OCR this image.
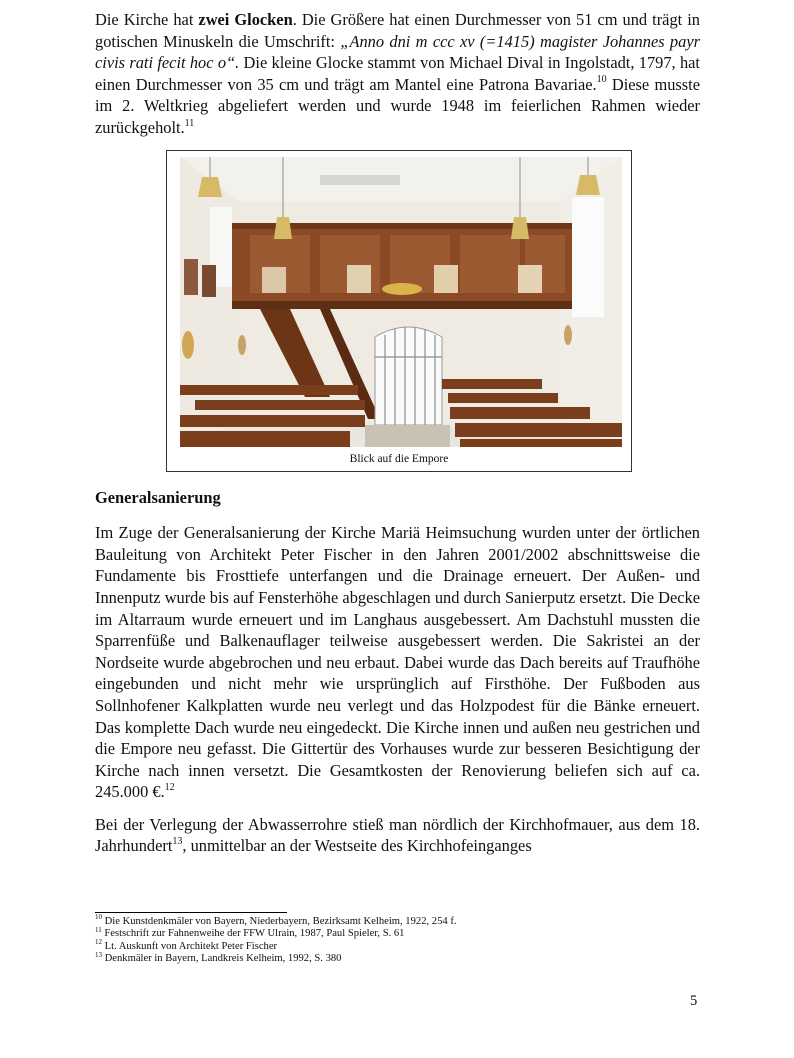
Die Kirche hat zwei Glocken. Die Größere hat einen Durchmesser von 51 cm und trägt in gotischen Minuskeln die Umschrift: „Anno dni m ccc xv (=1415) magister Johannes payr civis rati fecit hoc o“. Die kleine Glocke stammt von Michael Dival in Ingolstadt, 1797, hat einen Durchmesser von 35 cm und trägt am Mantel eine Patrona Bavariae.$^{10}$ Diese musste im 2. Weltkrieg abgeliefert werden und wurde 1948 im feierlichen Rahmen wieder zurückgeholt.$^{11}$

Blick auf die Empore
Generalsanierung

Im Zuge der Generalsanierung der Kirche Mariä Heimsuchung wurden unter der örtlichen Bauleitung von Architekt Peter Fischer in den Jahren 2001/2002 abschnittsweise die Fundamente bis Frosttiefe unterfangen und die Drainage erneuert. Der Außen- und Innenputz wurde bis auf Fensterhöhe abgeschlagen und durch Sanierputz ersetzt. Die Decke im Altarraum wurde erneuert und im Langhaus ausgebessert. Am Dachstuhl mussten die Sparrenfüße und Balkenauflager teilweise ausgebessert werden. Die Sakristei an der Nordseite wurde abgebrochen und neu erbaut. Dabei wurde das Dach bereits auf Traufhöhe eingebunden und nicht mehr wie ursprünglich auf Firsthöhe. Der Fußboden aus Sollnhofener Kalkplatten wurde neu verlegt und das Holzpodest für die Bänke erneuert. Das komplette Dach wurde neu eingedeckt. Die Kirche innen und außen neu gestrichen und die Empore neu gefasst. Die Gittertür des Vorhauses wurde zur besseren Besichtigung der Kirche nach innen versetzt. Die Gesamtkosten der Renovierung beliefen sich auf ca. 245.000 €.$^{12}$

Bei der Verlegung der Abwasserrohre stieß man nördlich der Kirchhofmauer, aus dem 18. Jahrhundert$^{13}$, unmittelbar an der Westseite des Kirchhofeinganges

$^{10}$ Die Kunstdenkmäler von Bayern, Niederbayern, Bezirksamt Kelheim, 1922, 254 f.

$^{11}$ Festschrift zur Fahnenweihe der FFW Ulrain, 1987, Paul Spieler, S. 61

$^{12}$ Lt. Auskunft von Architekt Peter Fischer

$^{13}$ Denkmäler in Bayern, Landkreis Kelheim, 1992, S. 380

5
